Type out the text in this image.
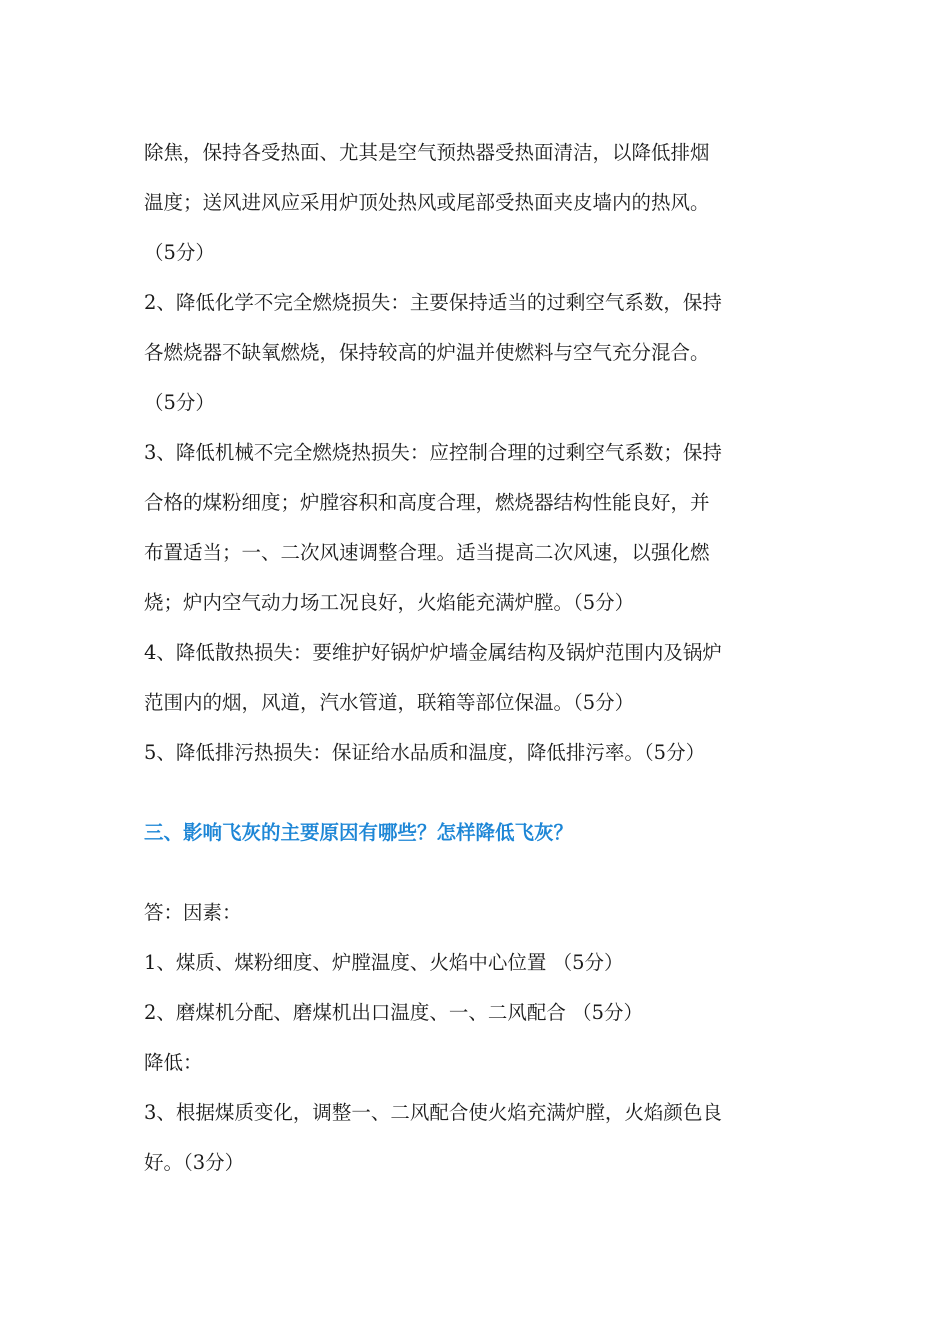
除焦，保持各受热面、尤其是空气预热器受热面清洁，以降低排烟
温度；送风进风应采用炉顶处热风或尾部受热面夹皮墙内的热风。
（5分）
2、降低化学不完全燃烧损失：主要保持适当的过剩空气系数，保持
各燃烧器不缺氧燃烧，保持较高的炉温并使燃料与空气充分混合。
（5分）
3、降低机械不完全燃烧热损失：应控制合理的过剩空气系数；保持
合格的煤粉细度；炉膛容积和高度合理，燃烧器结构性能良好，并
布置适当；一、二次风速调整合理。适当提高二次风速，以强化燃
烧；炉内空气动力场工况良好，火焰能充满炉膛。（5分）
4、降低散热损失：要维护好锅炉炉墙金属结构及锅炉范围内及锅炉
范围内的烟，风道，汽水管道，联箱等部位保温。（5分）
5、降低排污热损失：保证给水品质和温度，降低排污率。（5分）
三、影响飞灰的主要原因有哪些？怎样降低飞灰？
答：因素：
1、煤质、煤粉细度、炉膛温度、火焰中心位置 （5分）
2、磨煤机分配、磨煤机出口温度、一、二风配合 （5分）
降低：
3、根据煤质变化，调整一、二风配合使火焰充满炉膛，火焰颜色良
好。（3分）
